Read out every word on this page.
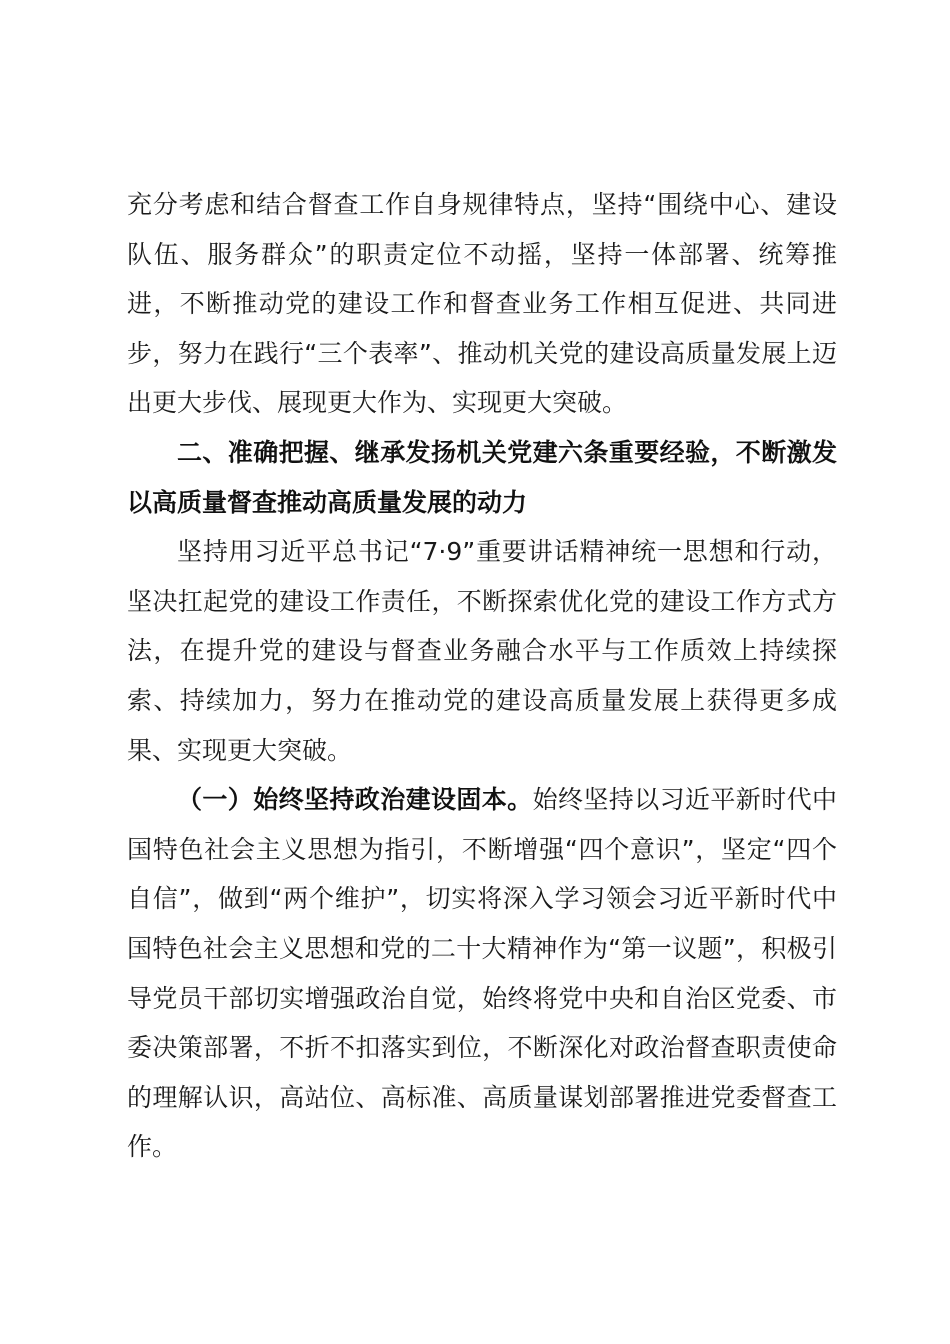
充分考虑和结合督查工作自身规律特点，坚持“围绕中心、建设队伍、服务群众”的职责定位不动摇，坚持一体部署、统筹推进，不断推动党的建设工作和督查业务工作相互促进、共同进步，努力在践行“三个表率”、推动机关党的建设高质量发展上迈出更大步伐、展现更大作为、实现更大突破。

二、准确把握、继承发扬机关党建六条重要经验，不断激发以高质量督查推动高质量发展的动力

坚持用习近平总书记“7·9”重要讲话精神统一思想和行动，坚决扛起党的建设工作责任，不断探索优化党的建设工作方式方法，在提升党的建设与督查业务融合水平与工作质效上持续探索、持续加力，努力在推动党的建设高质量发展上获得更多成果、实现更大突破。

（一）始终坚持政治建设固本。始终坚持以习近平新时代中国特色社会主义思想为指引，不断增强“四个意识”，坚定“四个自信”，做到“两个维护”，切实将深入学习领会习近平新时代中国特色社会主义思想和党的二十大精神作为“第一议题”，积极引导党员干部切实增强政治自觉，始终将党中央和自治区党委、市委决策部署，不折不扣落实到位，不断深化对政治督查职责使命的理解认识，高站位、高标准、高质量谋划部署推进党委督查工作。
